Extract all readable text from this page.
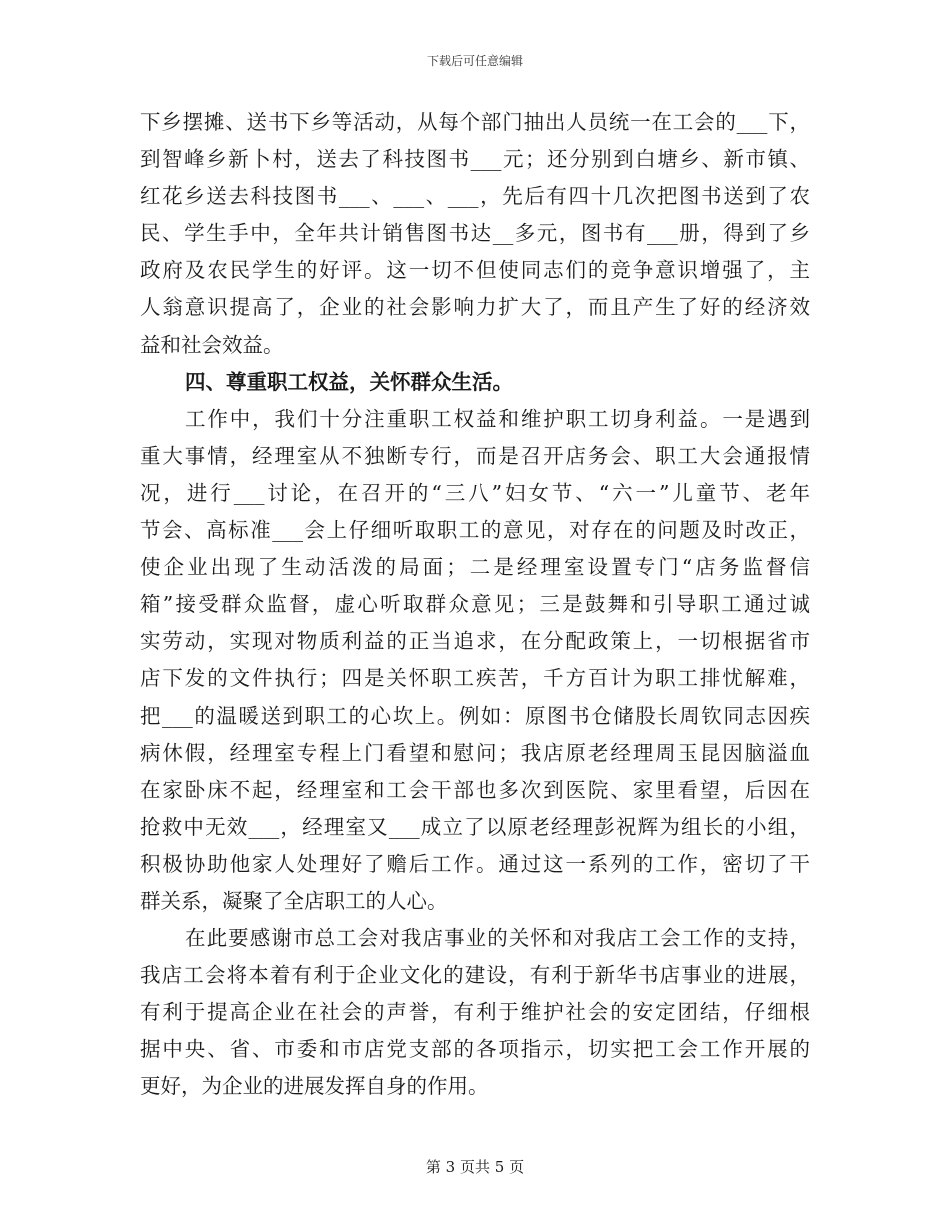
下载后可任意编辑
下乡摆摊、送书下乡等活动，从每个部门抽出人员统一在工会的___下，
到智峰乡新卜村，送去了科技图书___元；还分别到白塘乡、新市镇、
红花乡送去科技图书___、___、___，先后有四十几次把图书送到了农
民、学生手中，全年共计销售图书达__多元，图书有___册，得到了乡
政府及农民学生的好评。这一切不但使同志们的竞争意识增强了，主
人翁意识提高了，企业的社会影响力扩大了，而且产生了好的经济效
益和社会效益。
四、尊重职工权益，关怀群众生活。
工作中，我们十分注重职工权益和维护职工切身利益。一是遇到
重大事情，经理室从不独断专行，而是召开店务会、职工大会通报情
况，进行___讨论，在召开的“三八”妇女节、“六一”儿童节、老年
节会、高标准___会上仔细听取职工的意见，对存在的问题及时改正，
使企业出现了生动活泼的局面；二是经理室设置专门“店务监督信
箱”接受群众监督，虚心听取群众意见；三是鼓舞和引导职工通过诚
实劳动，实现对物质利益的正当追求，在分配政策上，一切根据省市
店下发的文件执行；四是关怀职工疾苦，千方百计为职工排忧解难，
把___的温暖送到职工的心坎上。例如：原图书仓储股长周钦同志因疾
病休假，经理室专程上门看望和慰问；我店原老经理周玉昆因脑溢血
在家卧床不起，经理室和工会干部也多次到医院、家里看望，后因在
抢救中无效___，经理室又___成立了以原老经理彭祝辉为组长的小组，
积极协助他家人处理好了赡后工作。通过这一系列的工作，密切了干
群关系，凝聚了全店职工的人心。
在此要感谢市总工会对我店事业的关怀和对我店工会工作的支持，
我店工会将本着有利于企业文化的建设，有利于新华书店事业的进展，
有利于提高企业在社会的声誉，有利于维护社会的安定团结，仔细根
据中央、省、市委和市店党支部的各项指示，切实把工会工作开展的
更好，为企业的进展发挥自身的作用。
第 3 页共 5 页
